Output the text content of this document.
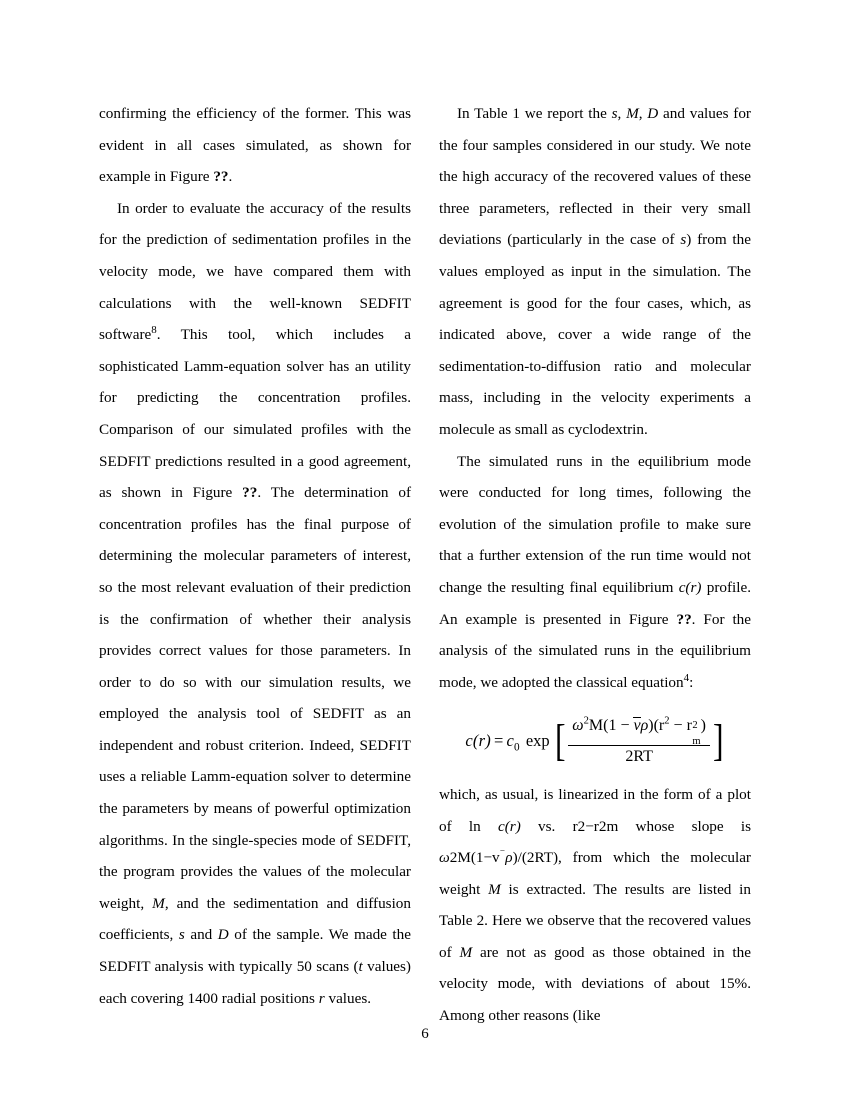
confirming the efficiency of the former. This was evident in all cases simulated, as shown for example in Figure ??.

In order to evaluate the accuracy of the results for the prediction of sedimentation profiles in the velocity mode, we have compared them with calculations with the well-known SEDFIT software$^8$. This tool, which includes a sophisticated Lamm-equation solver has an utility for predicting the concentration profiles. Comparison of our simulated profiles with the SEDFIT predictions resulted in a good agreement, as shown in Figure ??. The determination of concentration profiles has the final purpose of determining the molecular parameters of interest, so the most relevant evaluation of their prediction is the confirmation of whether their analysis provides correct values for those parameters. In order to do so with our simulation results, we employed the analysis tool of SEDFIT as an independent and robust criterion. Indeed, SEDFIT uses a reliable Lamm-equation solver to determine the parameters by means of powerful optimization algorithms. In the single-species mode of SEDFIT, the program provides the values of the molecular weight, M, and the sedimentation and diffusion coefficients, s and D of the sample. We made the SEDFIT analysis with typically 50 scans (t values) each covering 1400 radial positions r values.

In Table 1 we report the s, M, D and values for the four samples considered in our study. We note the high accuracy of the recovered values of these three parameters, reflected in their very small deviations (particularly in the case of s) from the values employed as input in the simulation. The agreement is good for the four cases, which, as indicated above, cover a wide range of the sedimentation-to-diffusion ratio and molecular mass, including in the velocity experiments a molecule as small as cyclodextrin.

The simulated runs in the equilibrium mode were conducted for long times, following the evolution of the simulation profile to make sure that a further extension of the run time would not change the resulting final equilibrium c(r) profile. An example is presented in Figure ??. For the analysis of the simulated runs in the equilibrium mode, we adopted the classical equation$^4$:

$c(r) = c_0$ exp [ $\omega^2M(1 - \nu\rho)(r^2 - r$ 2
m
)
2RT ]

which, as usual, is linearized in the form of a plot of ln c(r) vs. r2−r2m whose slope is ω2M(1−v⁻ρ)/(2RT), from which the molecular weight M is extracted. The results are listed in Table 2. Here we observe that the recovered values of M are not as good as those obtained in the velocity mode, with deviations of about 15%. Among other reasons (like

6
